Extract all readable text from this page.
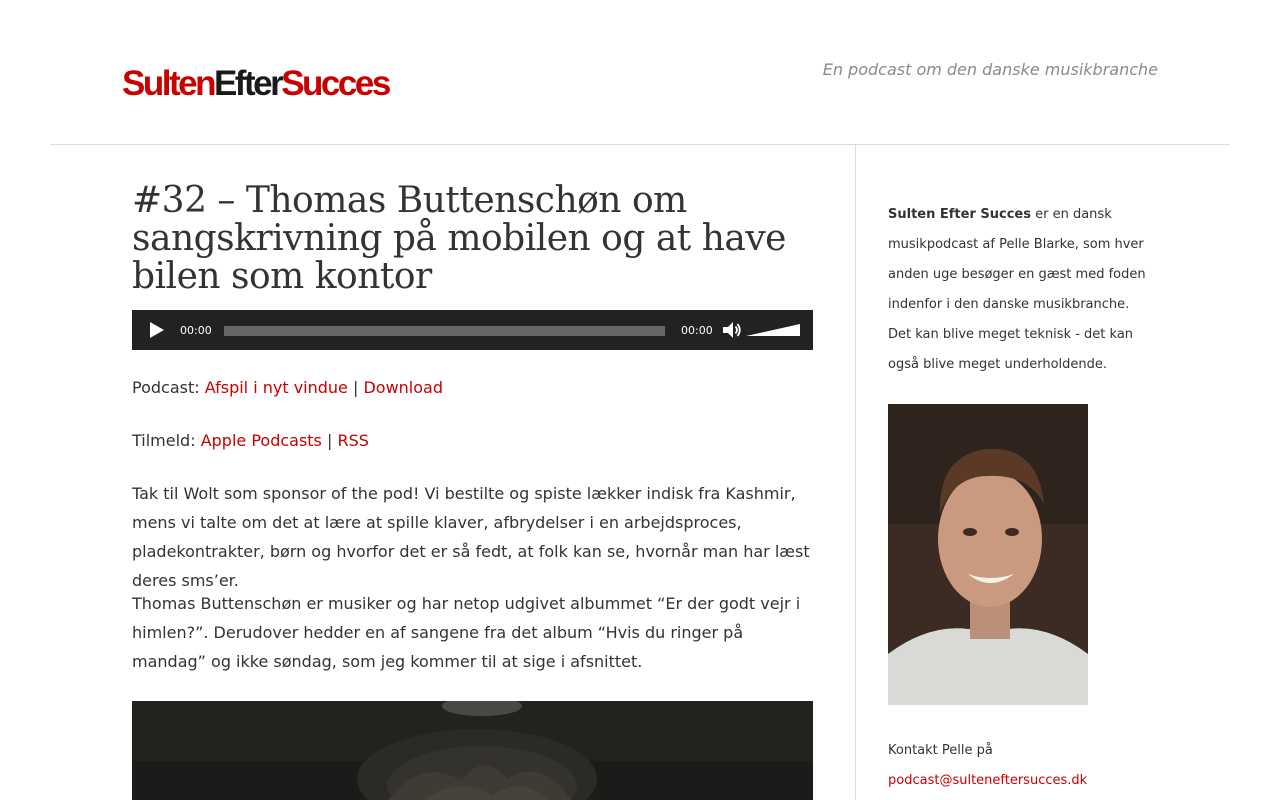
SultenEfterSucces	En podcast om den danske musikbranche
#32 – Thomas Buttenschøn om sangskrivning på mobilen og at have bilen som kontor
00:00	00:00
Podcast: Afspil i nyt vindue | Download
Tilmeld: Apple Podcasts | RSS

Tak til Wolt som sponsor of the pod! Vi bestilte og spiste lækker indisk fra Kashmir, mens vi talte om det at lære at spille klaver, afbrydelser i en arbejdsproces, pladekontrakter, børn og hvorfor det er så fedt, at folk kan se, hvornår man har læst deres sms’er.

Thomas Buttenschøn er musiker og har netop udgivet albummet “Er der godt vejr i himlen?”. Derudover hedder en af sangene fra det album “Hvis du ringer på mandag” og ikke søndag, som jeg kommer til at sige i afsnittet.

Sulten Efter Succes er en dansk musikpodcast af Pelle Blarke, som hver anden uge besøger en gæst med foden indenfor i den danske musikbranche. Det kan blive meget teknisk - det kan også blive meget underholdende.

Kontakt Pelle på
podcast@sulteneftersucces.dk
